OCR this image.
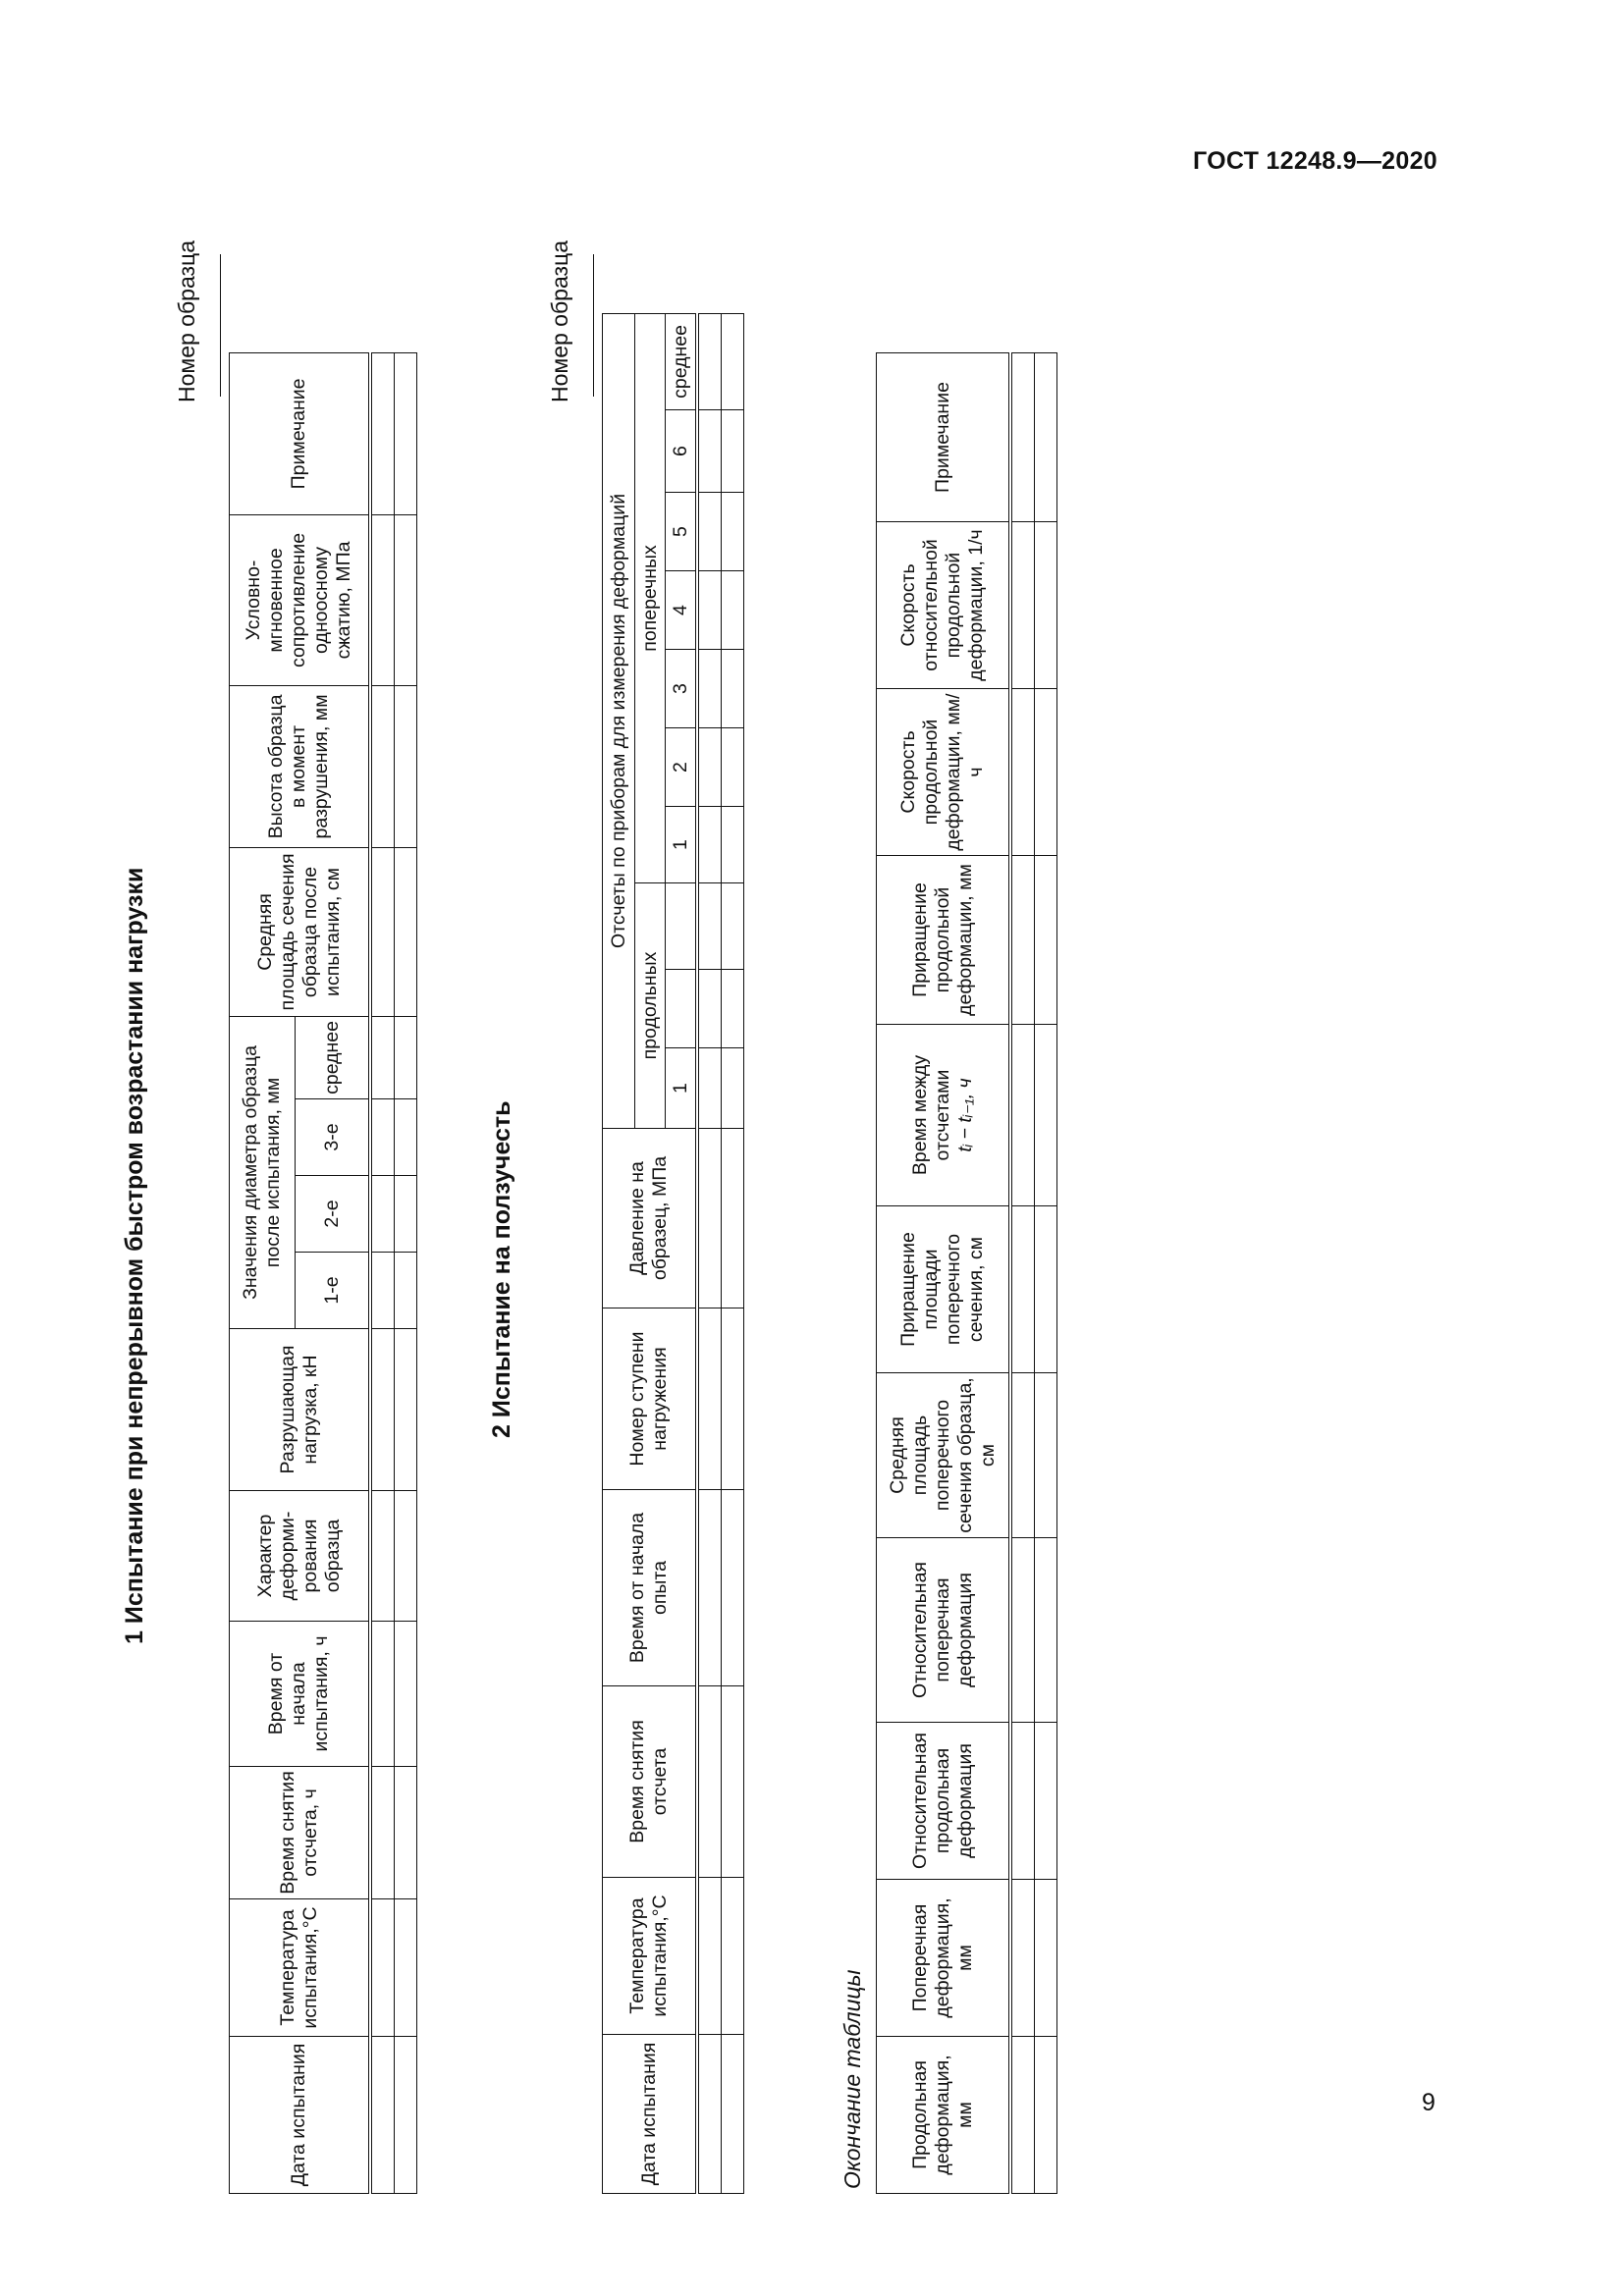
ГОСТ 12248.9—2020
9
1 Испытание при непрерывном быстром возрастании нагрузки
Номер образца
Дата испытания	Температура испытания,°С	Время снятия отсчета, ч	Время от начала испытания, ч	Характер деформи-рования образца	Разрушающая нагрузка, кН	Значения диаметра образца после испытания, мм				Средняя площадь сечения образца после испытания, см	Высота образца в момент разрушения, мм	Условно-мгновенное сопротивление одноосному сжатию, МПа	Примечание
						1-е	2-е	3-е	среднее				

2 Испытание на ползучесть
Номер образца
Дата испытания	Температура испытания,°С	Время снятия отсчета	Время от начала опыта	Номер ступени нагружения	Давление на образец, МПа	Отсчеты по приборам для измерения деформаций									
						продольных			поперечных						
						1			1	2	3	4	5	6	среднее

Окончание таблицы Продольная деформация, мм	Поперечная деформация, мм	Относительная продольная деформация	Относительная поперечная деформация	Средняя площадь поперечного сечения образца, см	Приращение площади поперечного сечения, см	Время между отсчетами tᵢ − tᵢ₋₁, ч	Приращение продольной деформации, мм	Скорость продольной деформации, мм/ч	Скорость относительной продольной деформации, 1/ч	Примечание
